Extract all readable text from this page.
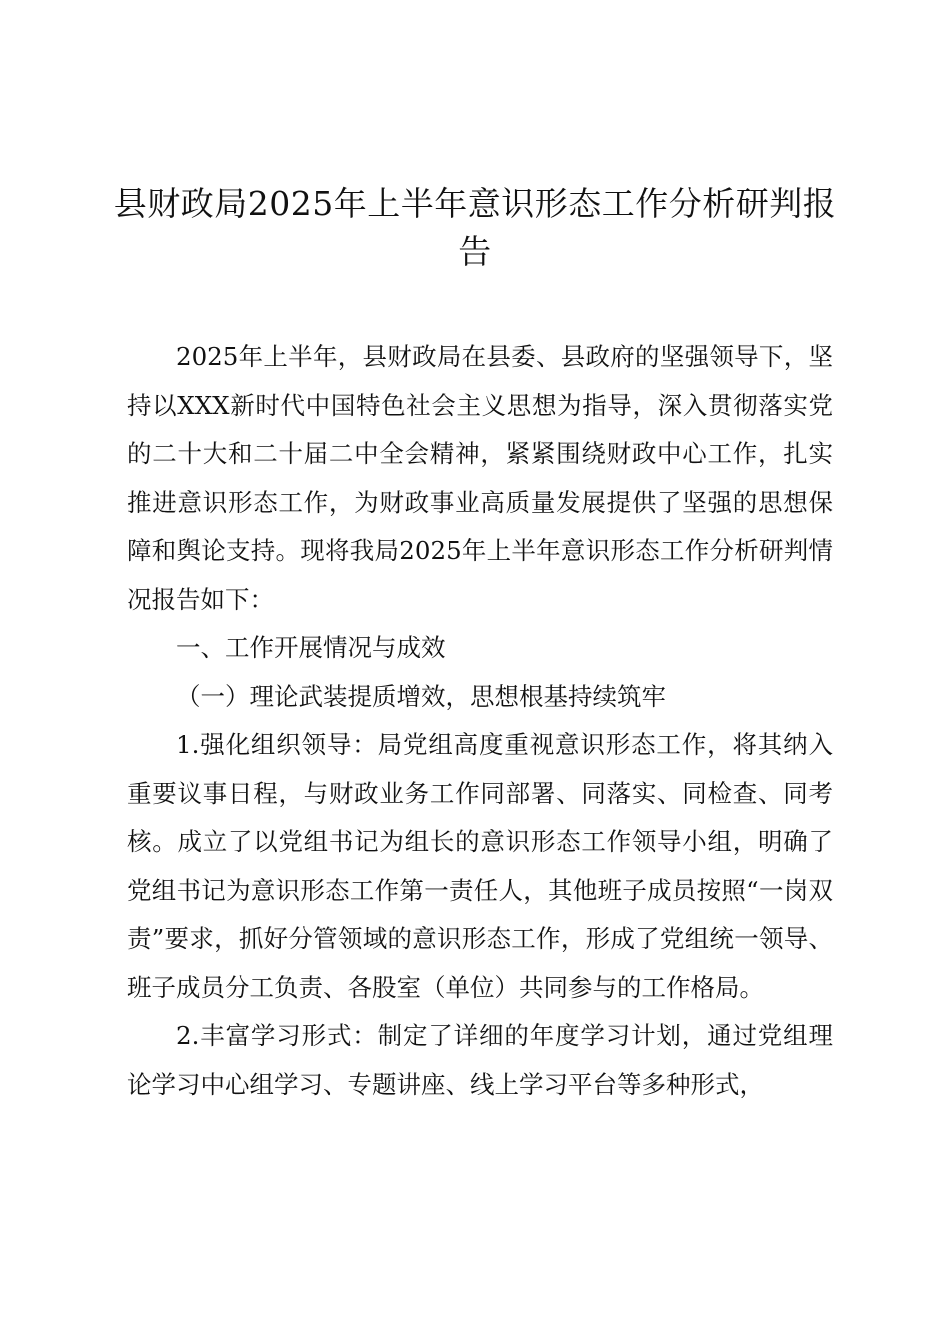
县财政局2025年上半年意识形态工作分析研判报告

2025年上半年，县财政局在县委、县政府的坚强领导下，坚持以XXX新时代中国特色社会主义思想为指导，深入贯彻落实党的二十大和二十届二中全会精神，紧紧围绕财政中心工作，扎实推进意识形态工作，为财政事业高质量发展提供了坚强的思想保障和舆论支持。现将我局2025年上半年意识形态工作分析研判情况报告如下：

一、工作开展情况与成效

（一）理论武装提质增效，思想根基持续筑牢

1.强化组织领导：局党组高度重视意识形态工作，将其纳入重要议事日程，与财政业务工作同部署、同落实、同检查、同考核。成立了以党组书记为组长的意识形态工作领导小组，明确了党组书记为意识形态工作第一责任人，其他班子成员按照“一岗双责”要求，抓好分管领域的意识形态工作，形成了党组统一领导、班子成员分工负责、各股室（单位）共同参与的工作格局。

2.丰富学习形式：制定了详细的年度学习计划，通过党组理论学习中心组学习、专题讲座、线上学习平台等多种形式，
